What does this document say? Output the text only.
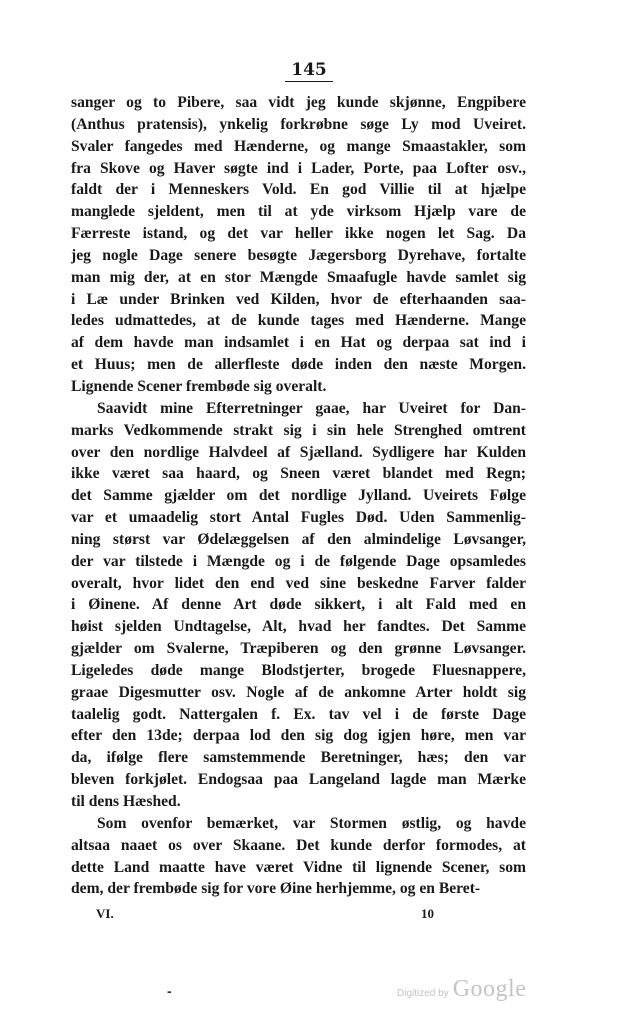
145
sanger og to Pibere, saa vidt jeg kunde skjønne, Engpibere
(Anthus pratensis), ynkelig forkrøbne søge Ly mod Uveiret.
Svaler fangedes med Hænderne, og mange Smaastakler, som
fra Skove og Haver søgte ind i Lader, Porte, paa Lofter osv.,
faldt der i Menneskers Vold. En god Villie til at hjælpe
manglede sjeldent, men til at yde virksom Hjælp vare de
Færreste istand, og det var heller ikke nogen let Sag. Da
jeg nogle Dage senere besøgte Jægersborg Dyrehave, fortalte
man mig der, at en stor Mængde Smaafugle havde samlet sig
i Læ under Brinken ved Kilden, hvor de efterhaanden saa-
ledes udmattedes, at de kunde tages med Hænderne. Mange
af dem havde man indsamlet i en Hat og derpaa sat ind i
et Huus; men de allerfleste døde inden den næste Morgen.
Lignende Scener frembøde sig overalt.
Saavidt mine Efterretninger gaae, har Uveiret for Dan-
marks Vedkommende strakt sig i sin hele Strenghed omtrent
over den nordlige Halvdeel af Sjælland. Sydligere har Kulden
ikke været saa haard, og Sneen været blandet med Regn;
det Samme gjælder om det nordlige Jylland. Uveirets Følge
var et umaadelig stort Antal Fugles Død. Uden Sammenlig-
ning størst var Ødelæggelsen af den almindelige Løvsanger,
der var tilstede i Mængde og i de følgende Dage opsamledes
overalt, hvor lidet den end ved sine beskedne Farver falder
i Øinene. Af denne Art døde sikkert, i alt Fald med en
høist sjelden Undtagelse, Alt, hvad her fandtes. Det Samme
gjælder om Svalerne, Træpiberen og den grønne Løvsanger.
Ligeledes døde mange Blodstjerter, brogede Fluesnappere,
graae Digesmutter osv. Nogle af de ankomne Arter holdt sig
taalelig godt. Nattergalen f. Ex. tav vel i de første Dage
efter den 13de; derpaa lod den sig dog igjen høre, men var
da, ifølge flere samstemmende Beretninger, hæs; den var
bleven forkjølet. Endogsaa paa Langeland lagde man Mærke
til dens Hæshed.
Som ovenfor bemærket, var Stormen østlig, og havde
altsaa naaet os over Skaane. Det kunde derfor formodes, at
dette Land maatte have været Vidne til lignende Scener, som
dem, der frembøde sig for vore Øine herhjemme, og en Beret-
VI.	10
-	Digitized by Google
